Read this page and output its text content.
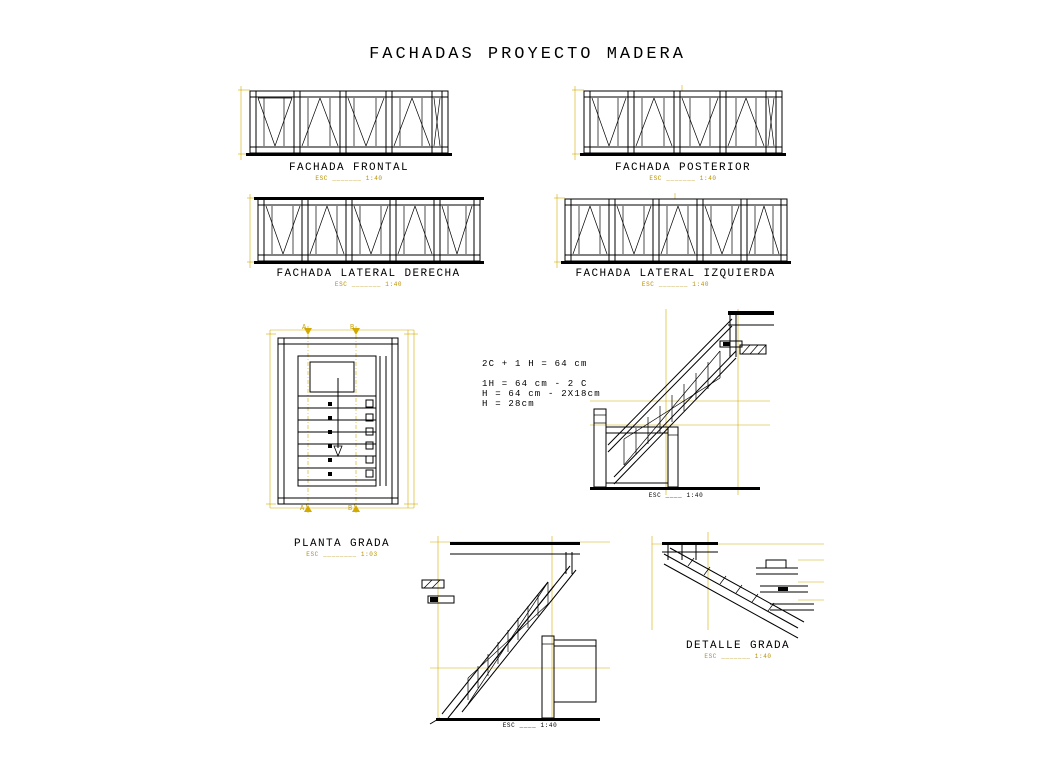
FACHADAS PROYECTO MADERA
FACHADA FRONTAL
ESC _______ 1:40
FACHADA POSTERIOR
ESC _______ 1:40
FACHADA LATERAL DERECHA
ESC _______ 1:40
FACHADA LATERAL IZQUIERDA
ESC _______ 1:40
A	B
A'	B'
PLANTA GRADA
ESC ________ 1:03
2C + 1 H = 64 cm
1H = 64 cm - 2 C
H = 64 cm - 2X18cm
H = 28cm
ESC ____ 1:40
ESC ____ 1:40
DETALLE GRADA
ESC _______ 1:40
